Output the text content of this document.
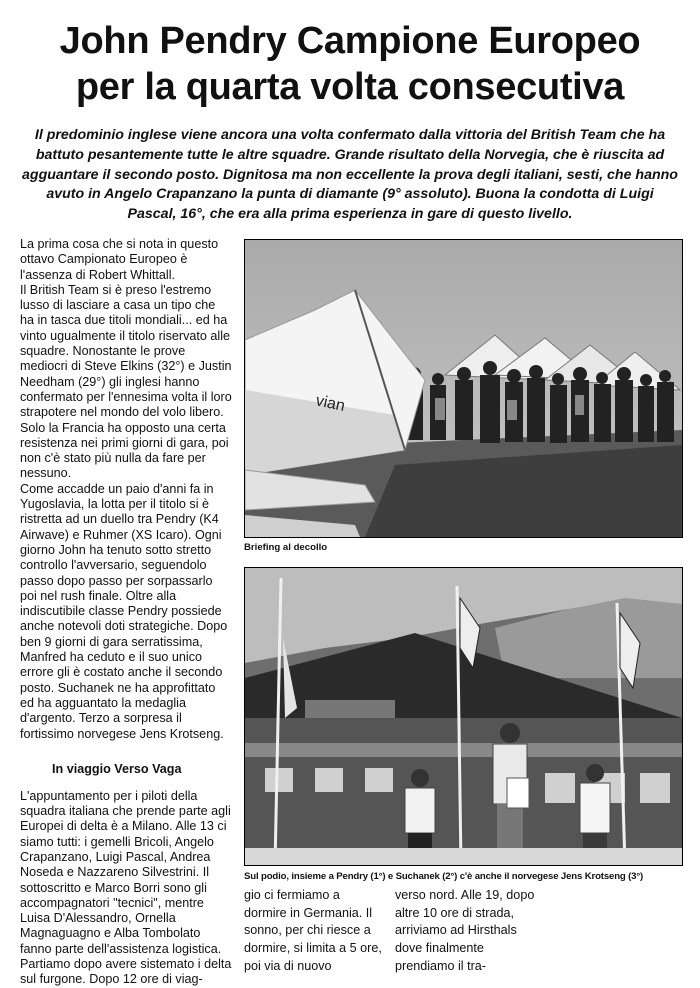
John Pendry Campione Europeo
per la quarta volta consecutiva

Il predominio inglese viene ancora una volta confermato dalla vittoria del British Team che ha battuto pesantemente tutte le altre squadre. Grande risultato della Norvegia, che è riuscita ad agguantare il secondo posto. Dignitosa ma non eccellente la prova degli italiani, sesti, che hanno avuto in Angelo Crapanzano la punta di diamante (9° assoluto). Buona la condotta di Luigi Pascal, 16°, che era alla prima esperienza in gare di questo livello.

La prima cosa che si nota in questo ottavo Campionato Europeo è l'assenza di Robert Whittall.

Il British Team si è preso l'estremo lusso di lasciare a casa un tipo che ha in tasca due titoli mondiali... ed ha vinto ugualmente il titolo riservato alle squadre. Nonostante le prove mediocri di Steve Elkins (32°) e Justin Needham (29°) gli inglesi hanno confermato per l'ennesima volta il loro strapotere nel mondo del volo libero. Solo la Francia ha opposto una certa resistenza nei primi giorni di gara, poi non c'è stato più nulla da fare per nessuno.

Come accadde un paio d'anni fa in Yugoslavia, la lotta per il titolo si è ristretta ad un duello tra Pendry (K4 Airwave) e Ruhmer (XS Icaro). Ogni giorno John ha tenuto sotto stretto controllo l'avversario, seguendolo passo dopo passo per sorpassarlo poi nel rush finale. Oltre alla indiscutibile classe Pendry possiede anche notevoli doti strategiche. Dopo ben 9 giorni di gara serratissima, Manfred ha ceduto e il suo unico errore gli è costato anche il secondo posto. Suchanek ne ha approfittato ed ha agguantato la medaglia d'argento. Terzo a sorpresa il fortissimo norvegese Jens Krotseng.

In viaggio Verso Vaga

L'appuntamento per i piloti della squadra italiana che prende parte agli Europei di delta è a Milano. Alle 13 ci siamo tutti: i gemelli Bricoli, Angelo Crapanzano, Luigi Pascal, Andrea Noseda e Nazzareno Silvestrini. Il sottoscritto e Marco Borri sono gli accompagnatori "tecnici", mentre Luisa D'Alessandro, Ornella Magnaguagno e Alba Tombolato fanno parte dell'assistenza logistica. Partiamo dopo avere sistemato i delta sul furgone. Dopo 12 ore di viag-

vian

Briefing al decollo

Sul podio, insieme a Pendry (1°) e Suchanek (2°) c'è anche il norvegese Jens Krotseng (3°)

gio ci fermiamo a dormire in Germania. Il sonno, per chi riesce a dormire, si limita a 5 ore, poi via di nuovo

verso nord. Alle 19, dopo altre 10 ore di strada, arriviamo ad Hirsthals dove finalmente prendiamo il tra-
